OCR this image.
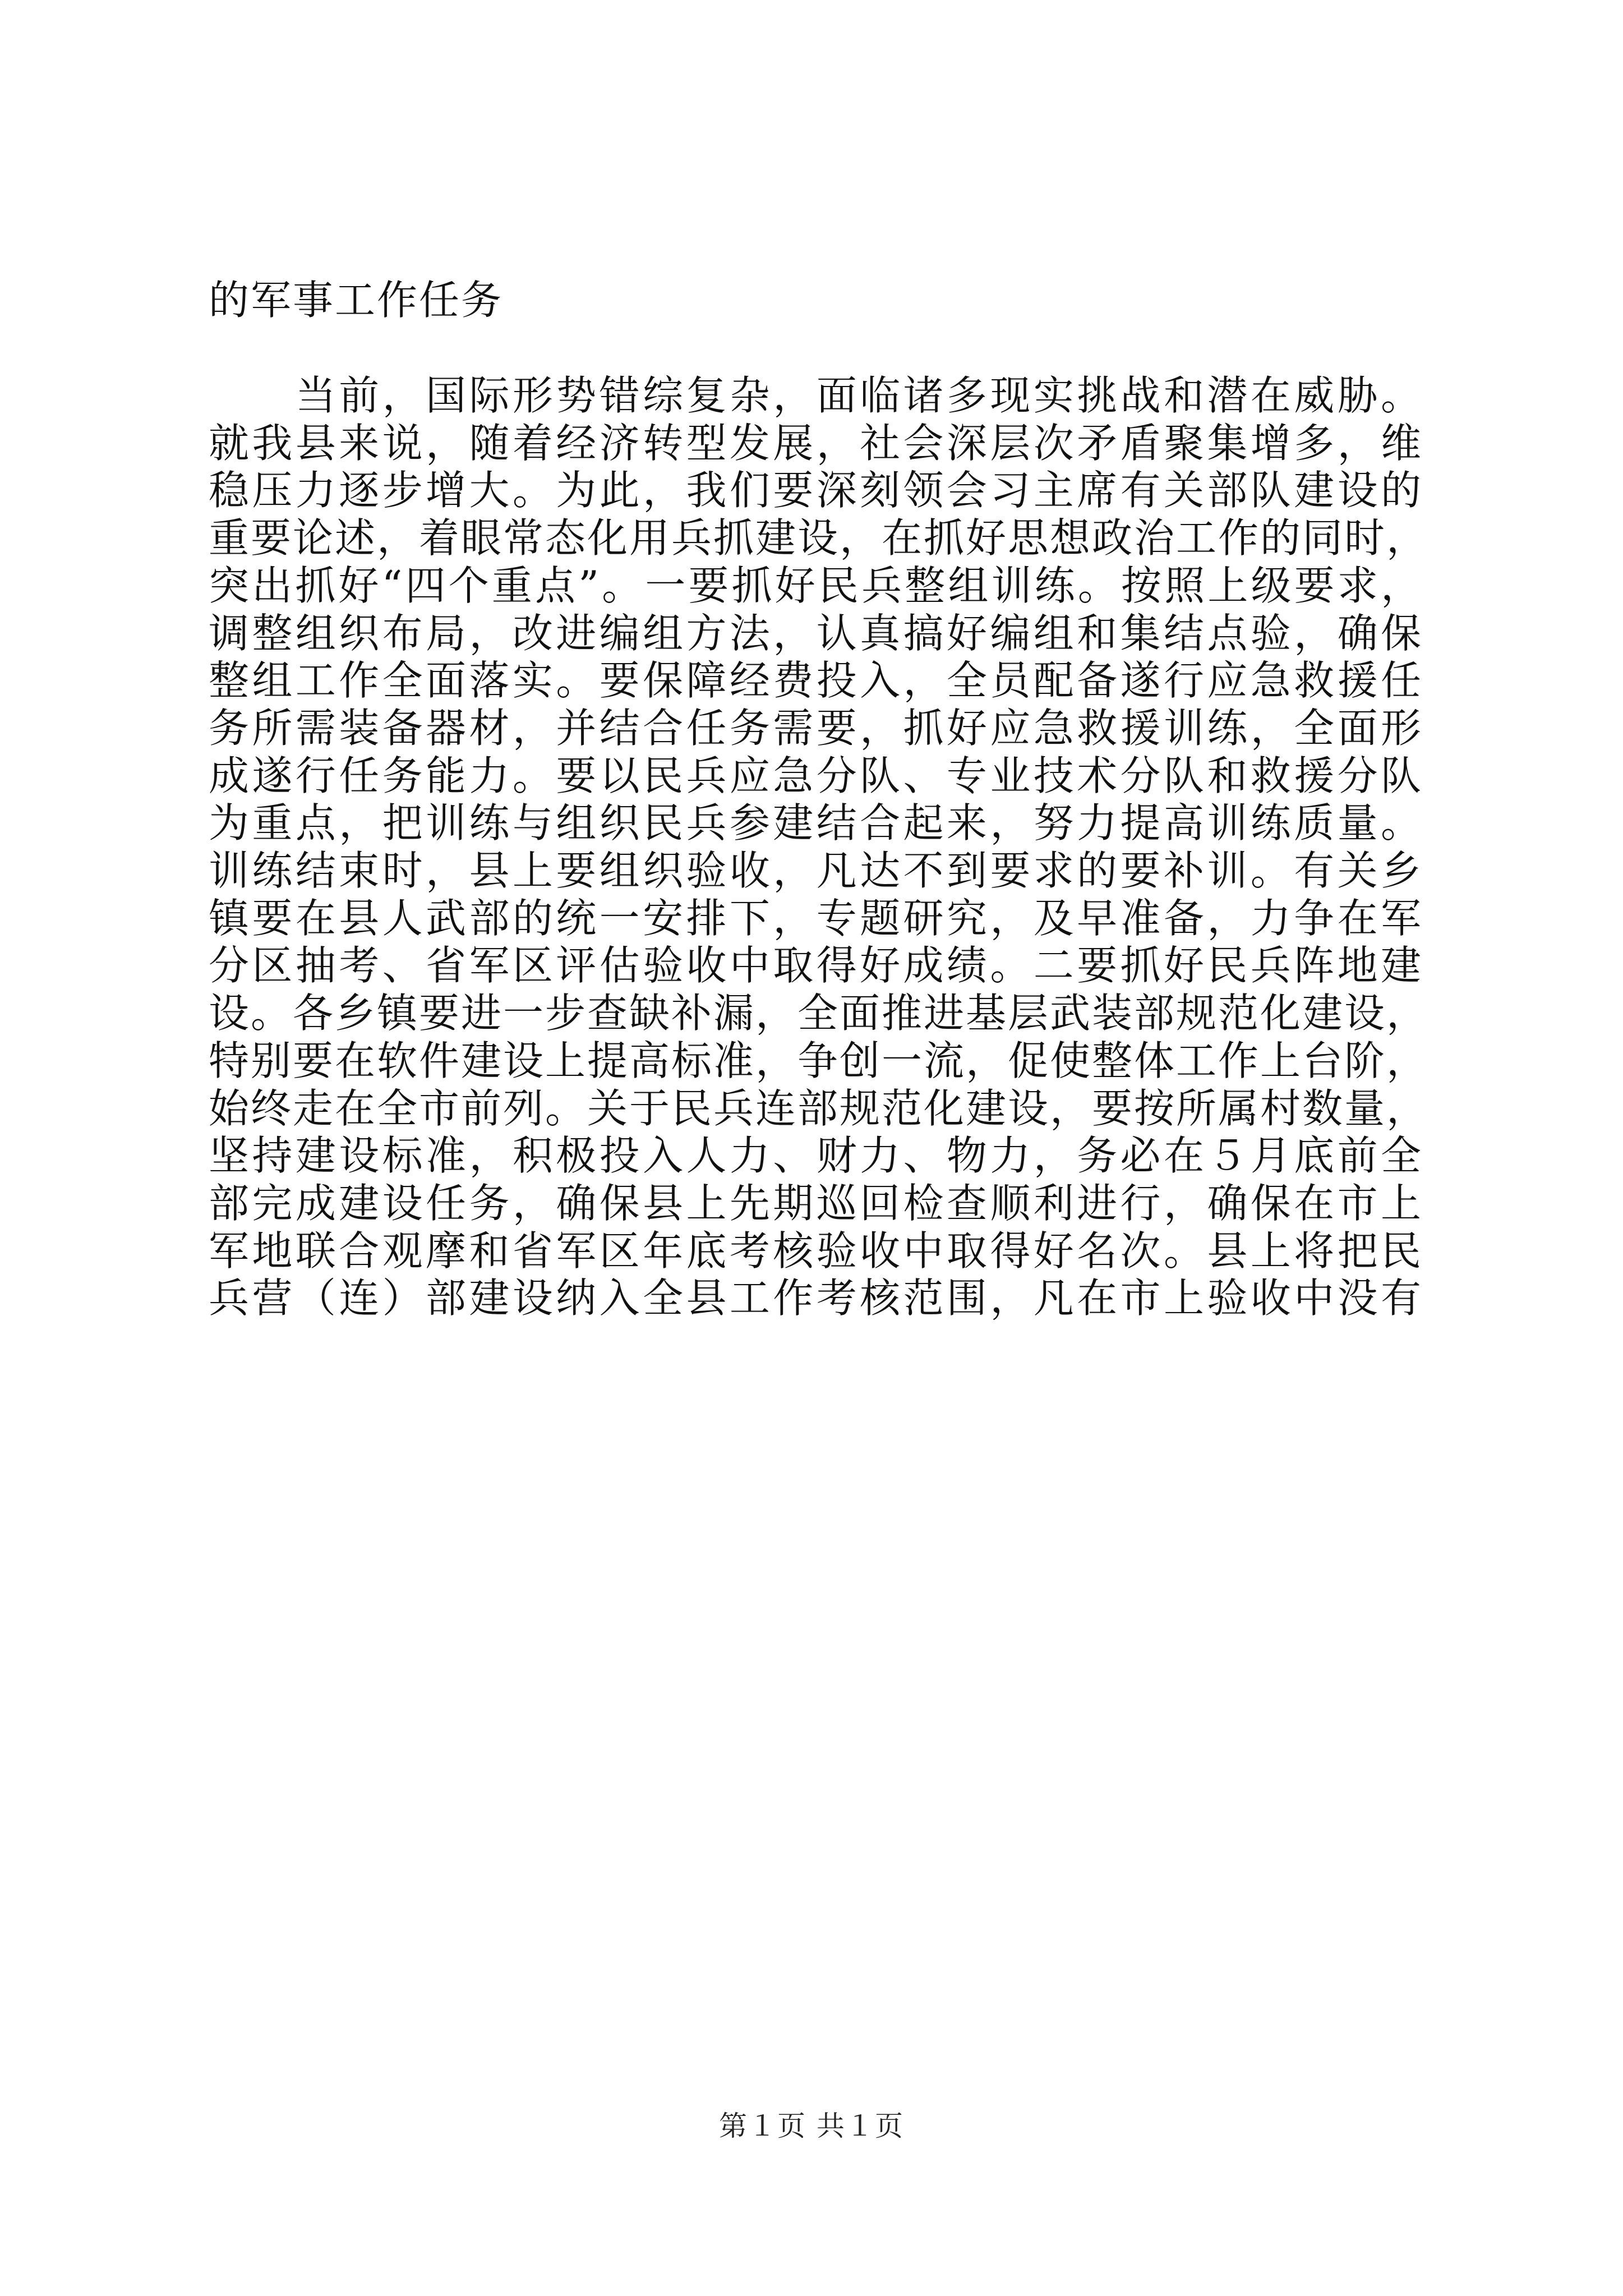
的军事工作任务
　　当前，国际形势错综复杂，面临诸多现实挑战和潜在威胁。
就我县来说，随着经济转型发展，社会深层次矛盾聚集增多，维
稳压力逐步增大。为此，我们要深刻领会习主席有关部队建设的
重要论述，着眼常态化用兵抓建设，在抓好思想政治工作的同时，
突出抓好“四个重点”。一要抓好民兵整组训练。按照上级要求，
调整组织布局，改进编组方法，认真搞好编组和集结点验，确保
整组工作全面落实。要保障经费投入，全员配备遂行应急救援任
务所需装备器材，并结合任务需要，抓好应急救援训练，全面形
成遂行任务能力。要以民兵应急分队、专业技术分队和救援分队
为重点，把训练与组织民兵参建结合起来，努力提高训练质量。
训练结束时，县上要组织验收，凡达不到要求的要补训。有关乡
镇要在县人武部的统一安排下，专题研究，及早准备，力争在军
分区抽考、省军区评估验收中取得好成绩。二要抓好民兵阵地建
设。各乡镇要进一步查缺补漏，全面推进基层武装部规范化建设，
特别要在软件建设上提高标准，争创一流，促使整体工作上台阶，
始终走在全市前列。关于民兵连部规范化建设，要按所属村数量，
坚持建设标准，积极投入人力、财力、物力，务必在５月底前全
部完成建设任务，确保县上先期巡回检查顺利进行，确保在市上
军地联合观摩和省军区年底考核验收中取得好名次。县上将把民
兵营（连）部建设纳入全县工作考核范围，凡在市上验收中没有
第１页 共１页
